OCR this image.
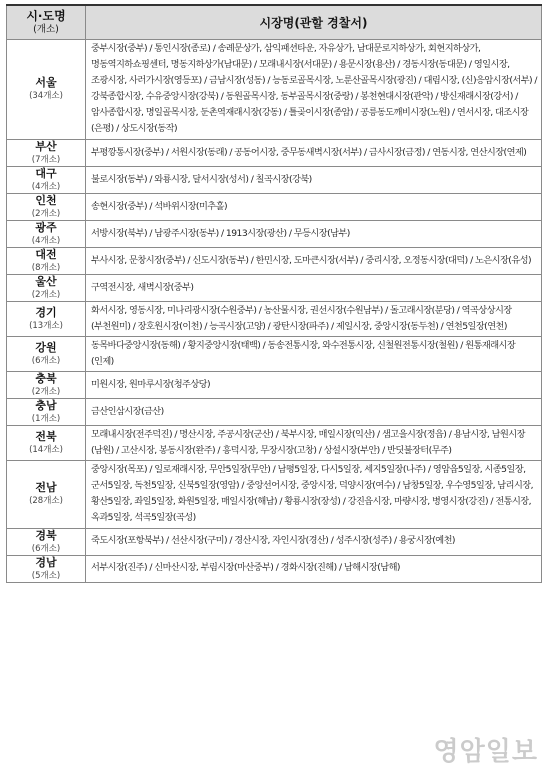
시·도명
(개소)	시장명(관할 경찰서)

서울
(34개소)	중부시장(중부) / 통인시장(종로) / 송례문상가, 삼익패션타운, 자유상가, 남대문로지하상가, 회현지하상가, 명동역지하쇼핑센터, 명동지하상가(남대문) / 모래내시장(서대문) / 용문시장(용산) / 경동시장(동대문) / 영일시장, 조광시장, 사러가시장(영등포) / 금남시장(성동) / 능동로골목시장, 노룬산골목시장(광진) / 대림시장, (신)응암시장(서부) / 강북종합시장, 수유중앙시장(강북) / 동원골목시장, 동부골목시장(중랑) / 봉천현대시장(관악) / 방신재래시장(강서) / 암사종합시장, 명일골목시장, 둔촌역재래시장(강동) / 틀곶이시장(종암) / 공릉동도깨비시장(노원) / 연서시장, 대조시장(은평) / 상도시장(동작)

부산
(7개소)	부평깡통시장(중부) / 서원시장(동래) / 공동어시장, 중무동새벽시장(서부) / 금사시장(금정) / 연동시장, 연산시장(연제)

대구
(4개소)	불로시장(동부) / 와룡시장, 달서시장(성서) / 칠곡시장(강북)

인천
(2개소)	송현시장(중부) / 석바위시장(미추홀)

광주
(4개소)	서방시장(북부) / 남광주시장(동부) / 1913시장(광산) / 무등시장(남부)

대전
(8개소)	부사시장, 문창시장(중부) / 신도시장(동부) / 한민시장, 도마큰시장(서부) / 중리시장, 오정동시장(대덕) / 노은시장(유성)

울산
(2개소)	구역전시장, 새벽시장(중부)

경기
(13개소)	화서시장, 영동시장, 미나리광시장(수원중부) / 농산물시장, 권선시장(수원남부) / 돌고래시장(분당) / 역곡상상시장(부천원미) / 장호원시장(이천) / 능곡시장(고양) / 광탄시장(파주) / 제일시장, 중앙시장(동두천) / 연천5일장(연천)

강원
(6개소)	동목바다중앙시장(동해) / 황지중앙시장(태백) / 동송전통시장, 와수전통시장, 신철원전통시장(철원) / 원통재래시장(인제)

충북
(2개소)	미원시장, 원마루시장(청주상당)

충남
(1개소)	금산인삼시장(금산)

전북
(14개소)	모래내시장(전주덕진) / 명산시장, 주공시장(군산) / 북부시장, 매일시장(익산) / 샘고을시장(정읍) / 용남시장, 남원시장(남원) / 고산시장, 봉동시장(완주) / 흥덕시장, 무장시장(고창) / 상설시장(부안) / 반딧불장터(무주)

전남
(28개소)	중앙시장(목포) / 일로재래시장, 무안5일장(무안) / 남평5일장, 다시5일장, 세지5일장(나주) / 영암읍5일장, 시종5일장, 군서5일장, 독천5일장, 신북5일장(영암) / 중앙선어시장, 중앙시장, 덕양시장(여수) / 남창5일장, 우수영5일장, 남리시장, 황산5일장, 좌일5일장, 화원5일장, 매일시장(해남) / 황룡시장(장성) / 강진읍시장, 마량시장, 병영시장(강진) / 전통시장, 옥과5일장, 석곡5일장(곡성)

경북
(6개소)	죽도시장(포항북부) / 선산시장(구미) / 경산시장, 자인시장(경산) / 성주시장(성주) / 용궁시장(예천)

경남
(5개소)	서부시장(진주) / 신마산시장, 부림시장(마산중부) / 경화시장(진해) / 남해시장(남해)
영암일보
